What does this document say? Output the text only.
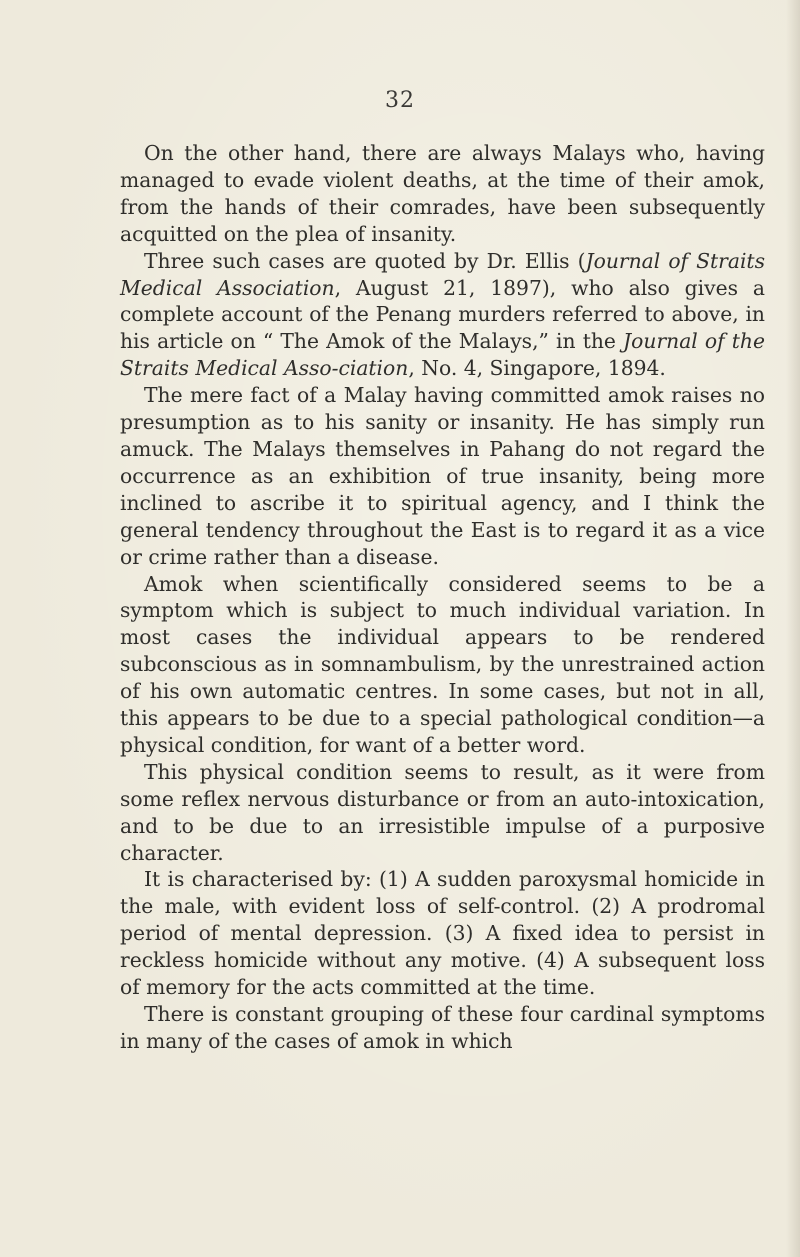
32

On the other hand, there are always Malays who, having managed to evade violent deaths, at the time of their amok, from the hands of their comrades, have been subsequently acquitted on the plea of insanity.

Three such cases are quoted by Dr. Ellis (Journal of Straits Medical Association, August 21, 1897), who also gives a complete account of the Penang murders referred to above, in his article on “ The Amok of the Malays,” in the Journal of the Straits Medical Asso-ciation, No. 4, Singapore, 1894.

The mere fact of a Malay having committed amok raises no presumption as to his sanity or insanity. He has simply run amuck. The Malays themselves in Pahang do not regard the occurrence as an exhibition of true insanity, being more inclined to ascribe it to spiritual agency, and I think the general tendency throughout the East is to regard it as a vice or crime rather than a disease.

Amok when scientifically considered seems to be a symptom which is subject to much individual variation. In most cases the individual appears to be rendered subconscious as in somnambulism, by the unrestrained action of his own automatic centres. In some cases, but not in all, this appears to be due to a special pathological condition—a physical condition, for want of a better word.

This physical condition seems to result, as it were from some reflex nervous disturbance or from an auto-intoxication, and to be due to an irresistible impulse of a purposive character.

It is characterised by: (1) A sudden paroxysmal homicide in the male, with evident loss of self-control. (2) A prodromal period of mental depression. (3) A fixed idea to persist in reckless homicide without any motive. (4) A subsequent loss of memory for the acts committed at the time.

There is constant grouping of these four cardinal symptoms in many of the cases of amok in which
